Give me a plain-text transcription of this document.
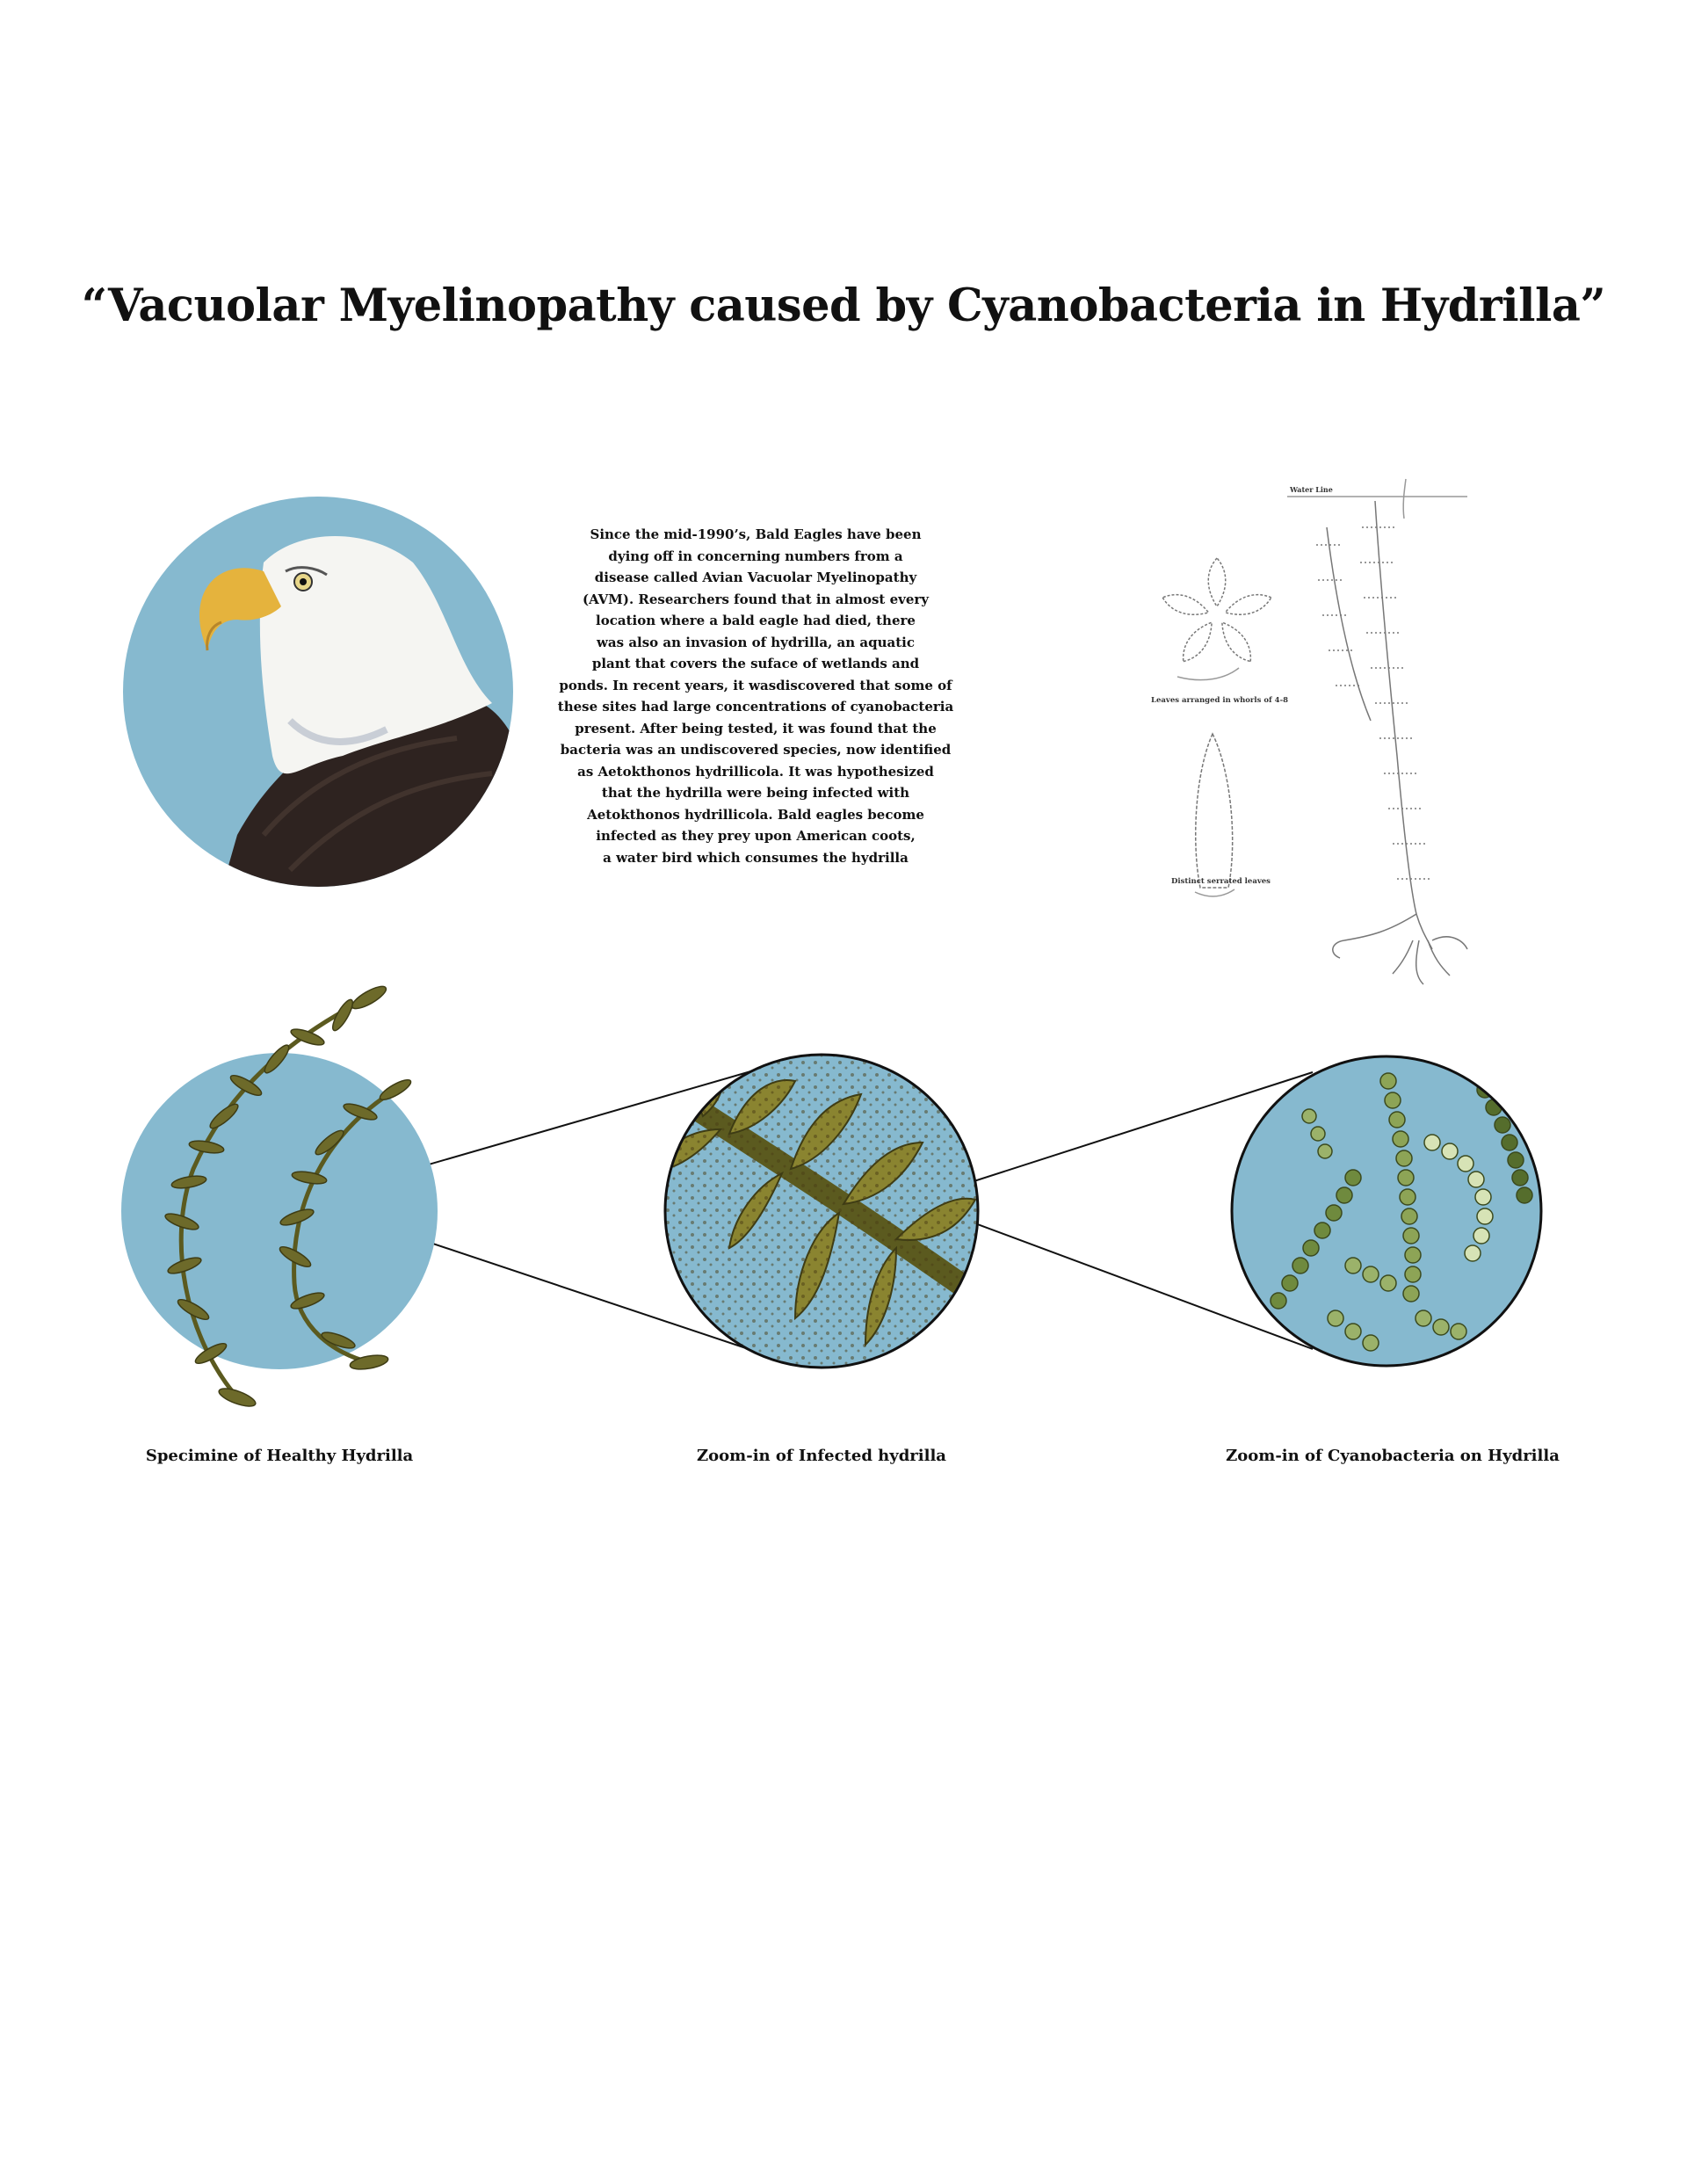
“Vacuolar Myelinopathy caused by Cyanobacteria in Hydrilla”
Water Line
Leaves arranged in whorls of 4-8
Distinct serrated leaves

Since the mid-1990’s, Bald Eagles have been
dying off in concerning numbers from a
disease called Avian Vacuolar Myelinopathy
(AVM). Researchers found that in almost every
location where a bald eagle had died, there
was also an invasion of hydrilla, an aquatic
plant that covers the suface of wetlands and
ponds. In recent years, it wasdiscovered that some of
these sites had large concentrations of cyanobacteria
present. After being tested, it was found that the
bacteria was an undiscovered species, now identified
as Aetokthonos hydrillicola. It was hypothesized
that the hydrilla were being infected with
Aetokthonos hydrillicola. Bald eagles become
infected as they prey upon American coots,
a water bird which consumes the hydrilla

Specimine of Healthy Hydrilla	Zoom-in of Infected hydrilla	Zoom-in of Cyanobacteria on Hydrilla
